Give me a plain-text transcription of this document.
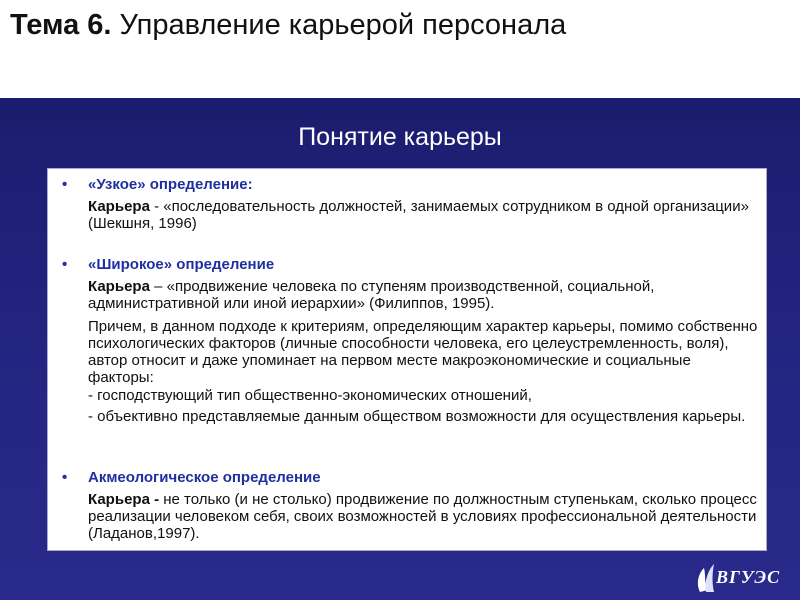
Тема 6. Управление карьерой персонала
Понятие карьеры
• «Узкое» определение:
Карьера - «последовательность должностей, занимаемых сотрудником в одной организации» (Шекшня, 1996)
• «Широкое» определение
Карьера – «продвижение человека по ступеням производственной, социальной, административной или иной иерархии» (Филиппов, 1995).
Причем, в данном подходе к критериям, определяющим характер карьеры, помимо собственно психологических факторов (личные способности человека, его целеустремленность, воля), автор относит и даже упоминает на первом месте макроэкономические и социальные факторы:
- господствующий тип общественно-экономических отношений,
- объективно представляемые данным обществом возможности для осуществления карьеры.
• Акмеологическое определение
Карьера - не только (и не столько) продвижение по должностным ступенькам, сколько процесс реализации человеком себя, своих возможностей в условиях профессиональной деятельности (Ладанов,1997).
ВГУЭС
